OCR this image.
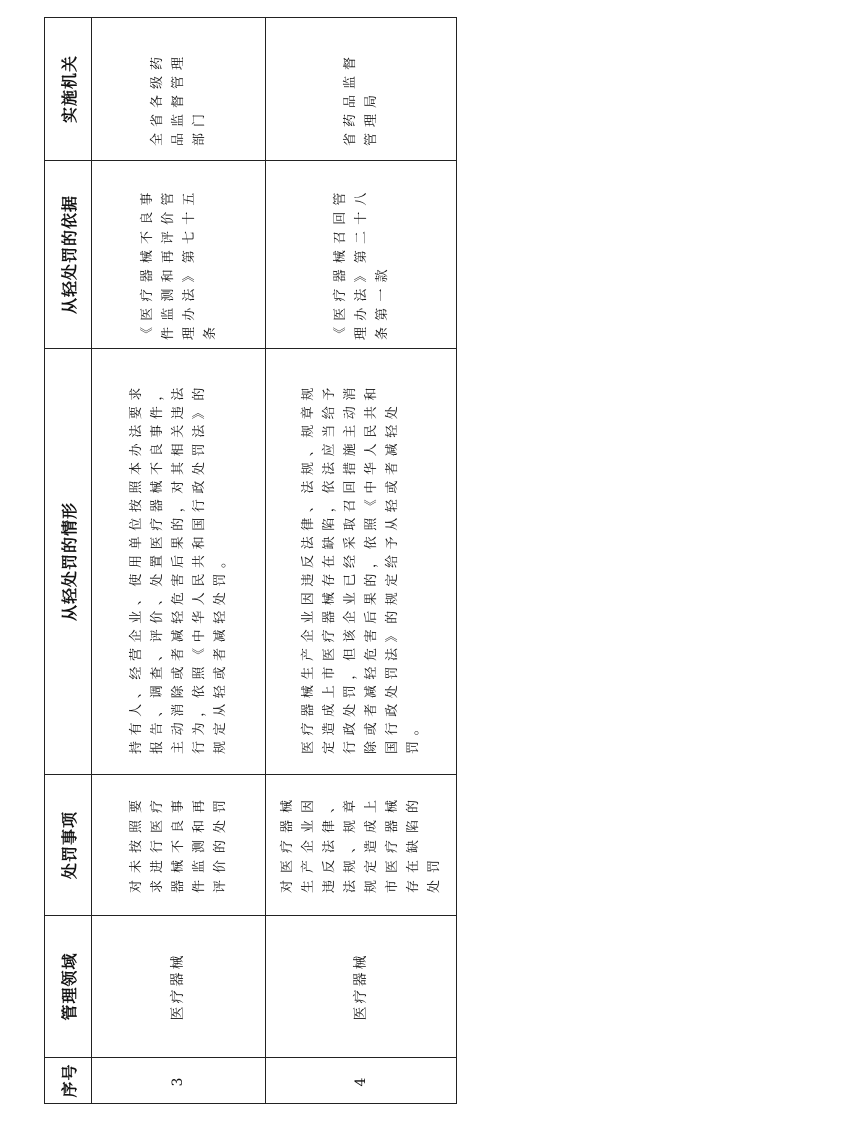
序号	管理领域	处罚事项	从轻处罚的情形	从轻处罚的依据	实施机关

3	医疗器械	对未按照要求进行医疗器械不良事件监测和再评价的处罚	持有人、经营企业、使用单位按照本办法要求报告、调查、评价、处置医疗器械不良事件，主动消除或者减轻危害后果的，对其相关违法行为，依照《中华人民共和国行政处罚法》的规定从轻或者减轻处罚。	《医疗器械不良事件监测和再评价管理办法》第七十五条	全省各级药品监督管理部门

4	医疗器械	对医疗器械生产企业因违反法律、法规、规章规定造成上市医疗器械存在缺陷的处罚	医疗器械生产企业因违反法律、法规、规章规定造成上市医疗器械存在缺陷，依法应当给予行政处罚，但该企业已经采取召回措施主动消除或者减轻危害后果的，依照《中华人民共和国行政处罚法》的规定给予从轻或者减轻处罚。	《医疗器械召回管理办法》第二十八条第一款	省药品监督管理局
